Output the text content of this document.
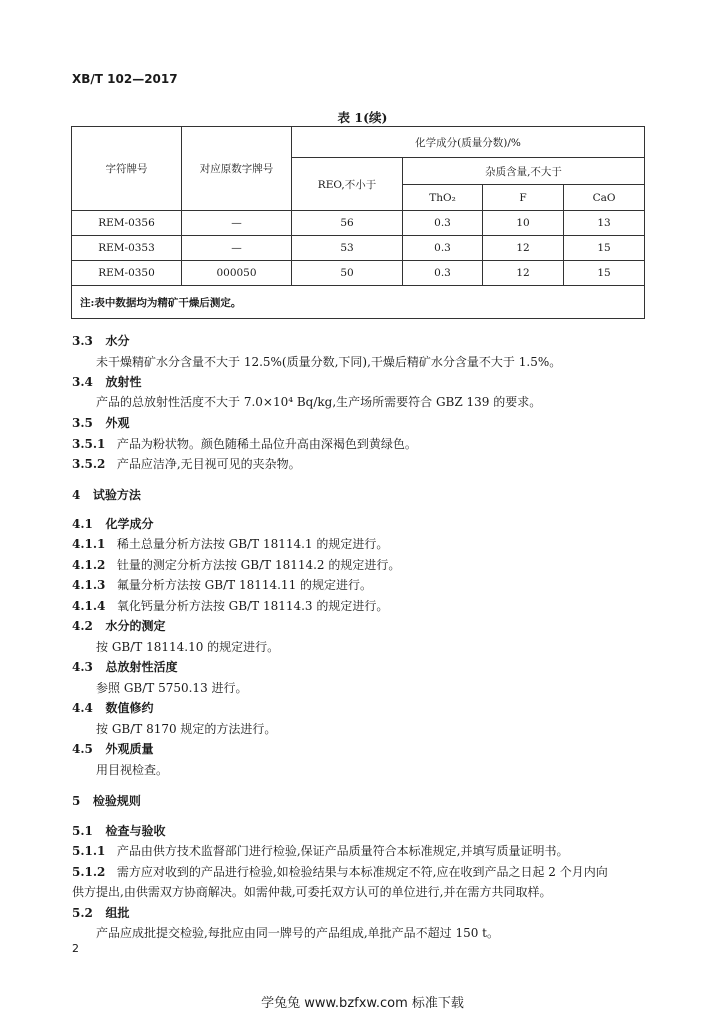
XB/T 102—2017
表 1(续)
字符牌号	对应原数字牌号	化学成分(质量分数)/%			
		REO,不小于	杂质含量,不大于		
			ThO₂	F	CaO
REM-0356	—	56	0.3	10	13
REM-0353	—	53	0.3	12	15
REM-0350	000050	50	0.3	12	15
注:表中数据均为精矿干燥后测定。					
3.3 水分
未干燥精矿水分含量不大于 12.5%(质量分数,下同),干燥后精矿水分含量不大于 1.5%。
3.4 放射性
产品的总放射性活度不大于 7.0×10⁴ Bq/kg,生产场所需要符合 GBZ 139 的要求。
3.5 外观
3.5.1 产品为粉状物。颜色随稀土品位升高由深褐色到黄绿色。
3.5.2 产品应洁净,无目视可见的夹杂物。
4 试验方法
4.1 化学成分
4.1.1 稀土总量分析方法按 GB/T 18114.1 的规定进行。
4.1.2 钍量的测定分析方法按 GB/T 18114.2 的规定进行。
4.1.3 氟量分析方法按 GB/T 18114.11 的规定进行。
4.1.4 氧化钙量分析方法按 GB/T 18114.3 的规定进行。
4.2 水分的测定
按 GB/T 18114.10 的规定进行。
4.3 总放射性活度
参照 GB/T 5750.13 进行。
4.4 数值修约
按 GB/T 8170 规定的方法进行。
4.5 外观质量
用目视检查。
5 检验规则
5.1 检查与验收
5.1.1 产品由供方技术监督部门进行检验,保证产品质量符合本标准规定,并填写质量证明书。
5.1.2 需方应对收到的产品进行检验,如检验结果与本标准规定不符,应在收到产品之日起 2 个月内向
供方提出,由供需双方协商解决。如需仲裁,可委托双方认可的单位进行,并在需方共同取样。
5.2 组批
产品应成批提交检验,每批应由同一牌号的产品组成,单批产品不超过 150 t。
2
学兔兔 www.bzfxw.com 标准下载
